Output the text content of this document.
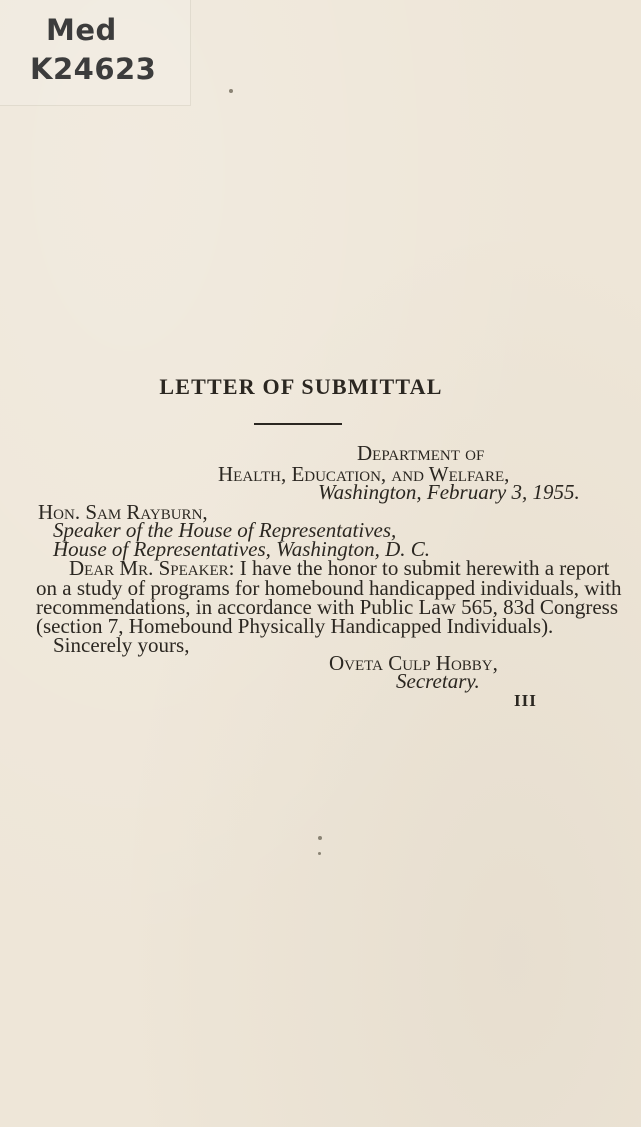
Med
K24623
LETTER OF SUBMITTAL
Department of
Health, Education, and Welfare,
Washington, February 3, 1955.
Hon. Sam Rayburn,
Speaker of the House of Representatives,
House of Representatives, Washington, D. C.
Dear Mr. Speaker: I have the honor to submit herewith a report
on a study of programs for homebound handicapped individuals, with
recommendations, in accordance with Public Law 565, 83d Congress
(section 7, Homebound Physically Handicapped Individuals).
Sincerely yours,
Oveta Culp Hobby,
Secretary.
III
